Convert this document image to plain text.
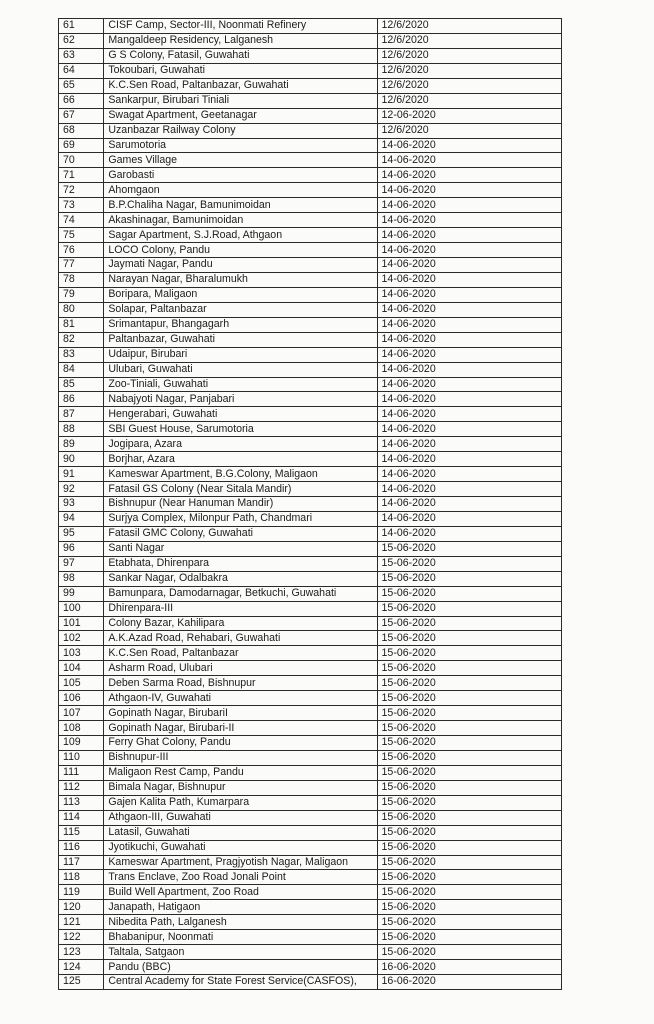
61	CISF Camp, Sector-III, Noonmati Refinery	12/6/2020
62	Mangaldeep Residency, Lalganesh	12/6/2020
63	G S Colony, Fatasil, Guwahati	12/6/2020
64	Tokoubari, Guwahati	12/6/2020
65	K.C.Sen Road, Paltanbazar, Guwahati	12/6/2020
66	Sankarpur, Birubari Tiniali	12/6/2020
67	Swagat Apartment, Geetanagar	12-06-2020
68	Uzanbazar Railway Colony	12/6/2020
69	Sarumotoria	14-06-2020
70	Games Village	14-06-2020
71	Garobasti	14-06-2020
72	Ahomgaon	14-06-2020
73	B.P.Chaliha Nagar, Bamunimoidan	14-06-2020
74	Akashinagar, Bamunimoidan	14-06-2020
75	Sagar Apartment, S.J.Road, Athgaon	14-06-2020
76	LOCO Colony, Pandu	14-06-2020
77	Jaymati Nagar, Pandu	14-06-2020
78	Narayan Nagar, Bharalumukh	14-06-2020
79	Boripara, Maligaon	14-06-2020
80	Solapar, Paltanbazar	14-06-2020
81	Srimantapur, Bhangagarh	14-06-2020
82	Paltanbazar, Guwahati	14-06-2020
83	Udaipur, Birubari	14-06-2020
84	Ulubari, Guwahati	14-06-2020
85	Zoo-Tiniali, Guwahati	14-06-2020
86	Nabajyoti Nagar, Panjabari	14-06-2020
87	Hengerabari, Guwahati	14-06-2020
88	SBI Guest House, Sarumotoria	14-06-2020
89	Jogipara, Azara	14-06-2020
90	Borjhar, Azara	14-06-2020
91	Kameswar Apartment, B.G.Colony, Maligaon	14-06-2020
92	Fatasil GS Colony (Near Sitala Mandir)	14-06-2020
93	Bishnupur (Near Hanuman Mandir)	14-06-2020
94	Surjya Complex, Milonpur Path, Chandmari	14-06-2020
95	Fatasil GMC Colony, Guwahati	14-06-2020
96	Santi Nagar	15-06-2020
97	Etabhata, Dhirenpara	15-06-2020
98	Sankar Nagar, Odalbakra	15-06-2020
99	Bamunpara, Damodarnagar, Betkuchi, Guwahati	15-06-2020
100	Dhirenpara-III	15-06-2020
101	Colony Bazar, Kahilipara	15-06-2020
102	A.K.Azad Road, Rehabari, Guwahati	15-06-2020
103	K.C.Sen Road, Paltanbazar	15-06-2020
104	Asharm Road, Ulubari	15-06-2020
105	Deben Sarma Road, Bishnupur	15-06-2020
106	Athgaon-IV, Guwahati	15-06-2020
107	Gopinath Nagar, BirubariI	15-06-2020
108	Gopinath Nagar, Birubari-II	15-06-2020
109	Ferry Ghat Colony, Pandu	15-06-2020
110	Bishnupur-III	15-06-2020
111	Maligaon Rest Camp, Pandu	15-06-2020
112	Bimala Nagar, Bishnupur	15-06-2020
113	Gajen Kalita Path, Kumarpara	15-06-2020
114	Athgaon-III, Guwahati	15-06-2020
115	Latasil, Guwahati	15-06-2020
116	Jyotikuchi, Guwahati	15-06-2020
117	Kameswar Apartment, Pragjyotish Nagar, Maligaon	15-06-2020
118	Trans Enclave, Zoo Road Jonali Point	15-06-2020
119	Build Well Apartment, Zoo Road	15-06-2020
120	Janapath, Hatigaon	15-06-2020
121	Nibedita Path, Lalganesh	15-06-2020
122	Bhabanipur, Noonmati	15-06-2020
123	Taltala, Satgaon	15-06-2020
124	Pandu (BBC)	16-06-2020
125	Central Academy for State Forest Service(CASFOS),	16-06-2020
